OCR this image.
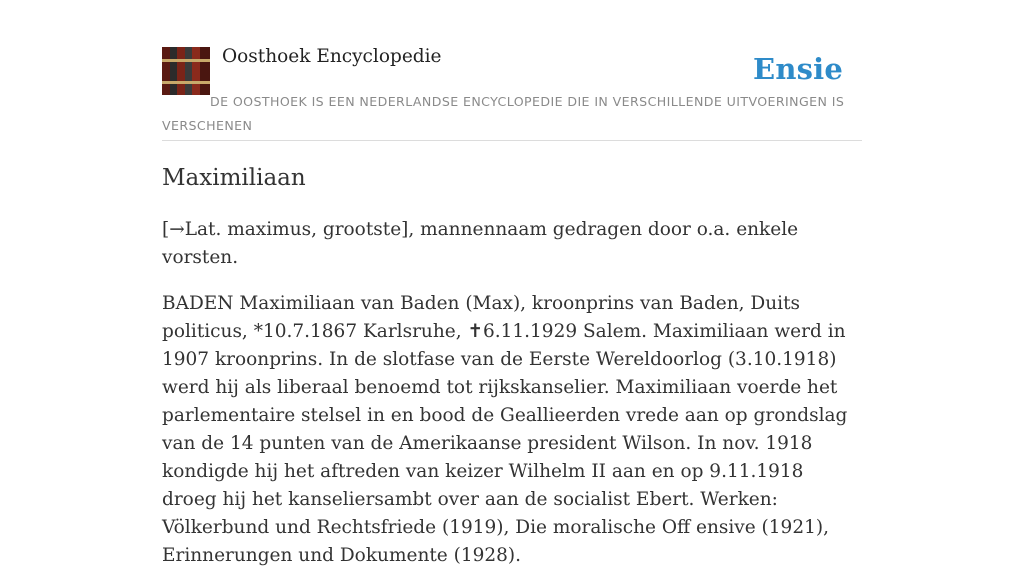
Oosthoek Encyclopedie	Ensie
DE OOSTHOEK IS EEN NEDERLANDSE ENCYCLOPEDIE DIE IN VERSCHILLENDE UITVOERINGEN IS VERSCHENEN
Maximiliaan

[→Lat. maximus, grootste], mannennaam gedragen door o.a. enkele vorsten.

BADEN Maximiliaan van Baden (Max), kroonprins van Baden, Duits politicus, *10.7.1867 Karlsruhe, ✝6.11.1929 Salem. Maximiliaan werd in 1907 kroonprins. In de slotfase van de Eerste Wereldoorlog (3.10.1918) werd hij als liberaal benoemd tot rijkskanselier. Maximiliaan voerde het parlementaire stelsel in en bood de Geallieerden vrede aan op grondslag van de 14 punten van de Amerikaanse president Wilson. In nov. 1918 kondigde hij het aftreden van keizer Wilhelm II aan en op 9.11.1918 droeg hij het kanseliersambt over aan de socialist Ebert. Werken: Völkerbund und Rechtsfriede (1919), Die moralische Off ensive (1921), Erinnerungen und Dokumente (1928).
